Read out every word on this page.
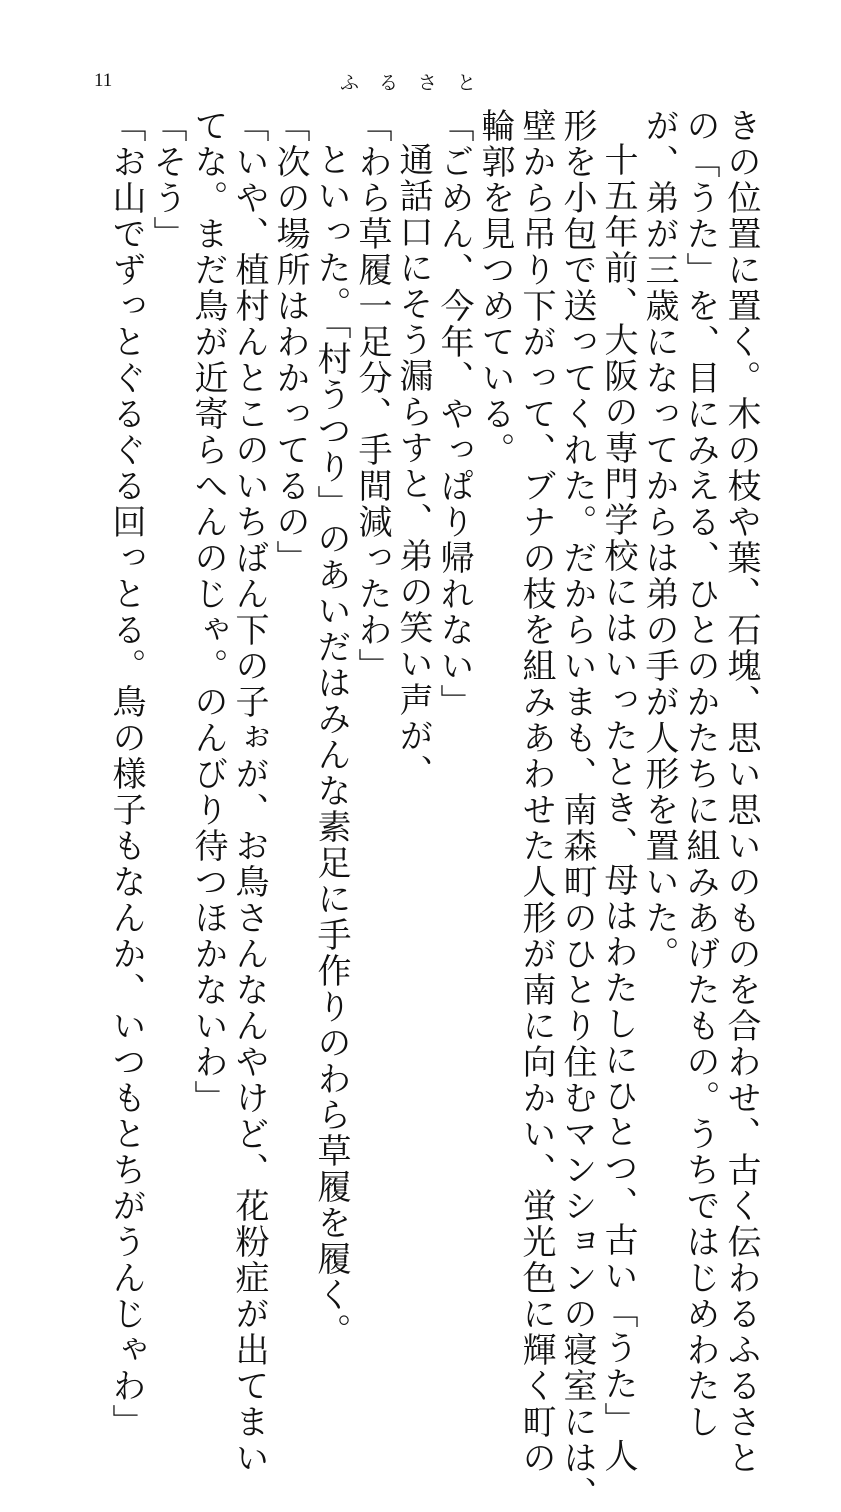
11	ふるさと
きの位置に置く。木の枝や葉、石塊、思い思いのものを合わせ、古く伝わるふるさと
の「うた」を、目にみえる、ひとのかたちに組みあげたもの。うちではじめわたし
が、弟が三歳になってからは弟の手が人形を置いた。
十五年前、大阪の専門学校にはいったとき、母はわたしにひとつ、古い「うた」人
形を小包で送ってくれた。だからいまも、南森町のひとり住むマンションの寝室には、
壁から吊り下がって、ブナの枝を組みあわせた人形が南に向かい、蛍光色に輝く町の
輪郭を見つめている。
「ごめん、今年、やっぱり帰れない」
通話口にそう漏らすと、弟の笑い声が、
「わら草履一足分、手間減ったわ」
といった。「村うつり」のあいだはみんな素足に手作りのわら草履を履く。
「次の場所はわかってるの」
「いや、植村んとこのいちばん下の子ぉが、お鳥さんなんやけど、花粉症が出てまい
てな。まだ鳥が近寄らへんのじゃ。のんびり待つほかないわ」
「そう」
「お山でずっとぐるぐる回っとる。鳥の様子もなんか、いつもとちがうんじゃわ」
